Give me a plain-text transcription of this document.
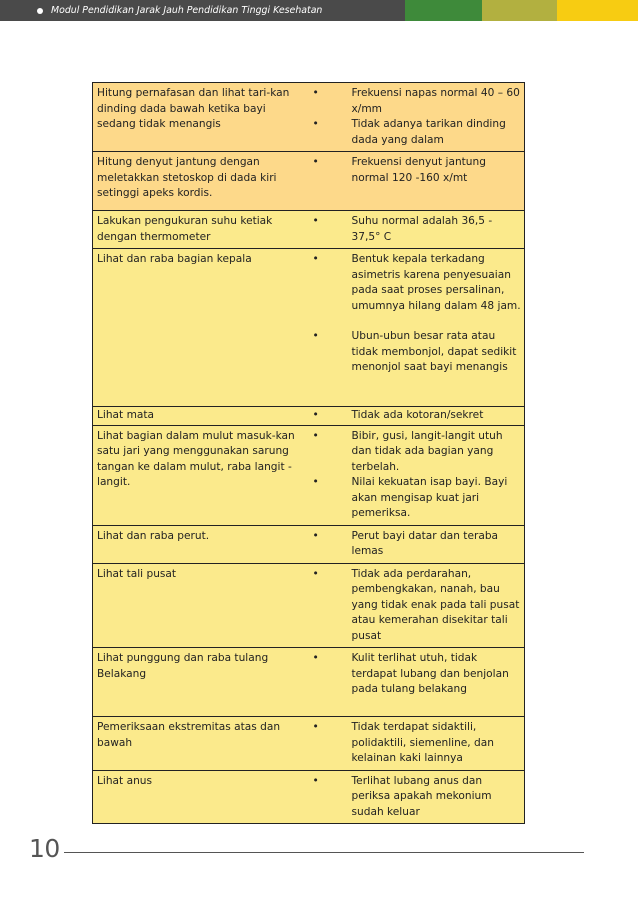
Modul Pendidikan Jarak Jauh Pendidikan Tinggi Kesehatan
Hitung pernafasan dan lihat tari-kan dinding dada bawah ketika bayi sedang tidak menangis	• Frekuensi napas normal 40 – 60 x/mm
• Tidak adanya tarikan dinding dada yang dalam

Hitung denyut jantung dengan meletakkan stetoskop di dada kiri setinggi apeks kordis.	• Frekuensi denyut jantung normal 120 -160 x/mt

Lakukan pengukuran suhu ketiak dengan thermometer	• Suhu normal adalah 36,5 - 37,5° C

Lihat dan raba bagian kepala	• Bentuk kepala terkadang asimetris karena penyesuaian pada saat proses persalinan, umumnya hilang dalam 48 jam.
• Ubun-ubun besar rata atau tidak membonjol, dapat sedikit menonjol saat bayi menangis

Lihat mata	• Tidak ada kotoran/sekret

Lihat bagian dalam mulut masuk-kan satu jari yang menggunakan sarung tangan ke dalam mulut, raba langit - langit.	• Bibir, gusi, langit-langit utuh dan tidak ada bagian yang terbelah.
• Nilai kekuatan isap bayi. Bayi akan mengisap kuat jari pemeriksa.

Lihat dan raba perut.	• Perut bayi datar dan teraba lemas

Lihat tali pusat	• Tidak ada perdarahan, pembengkakan, nanah, bau yang tidak enak pada tali pusat atau kemerahan disekitar tali pusat

Lihat punggung dan raba tulang Belakang	• Kulit terlihat utuh, tidak terdapat lubang dan benjolan pada tulang belakang

Pemeriksaan ekstremitas atas dan bawah	• Tidak terdapat sidaktili, polidaktili, siemenline, dan kelainan kaki lainnya

Lihat anus	• Terlihat lubang anus dan periksa apakah mekonium sudah keluar
10
